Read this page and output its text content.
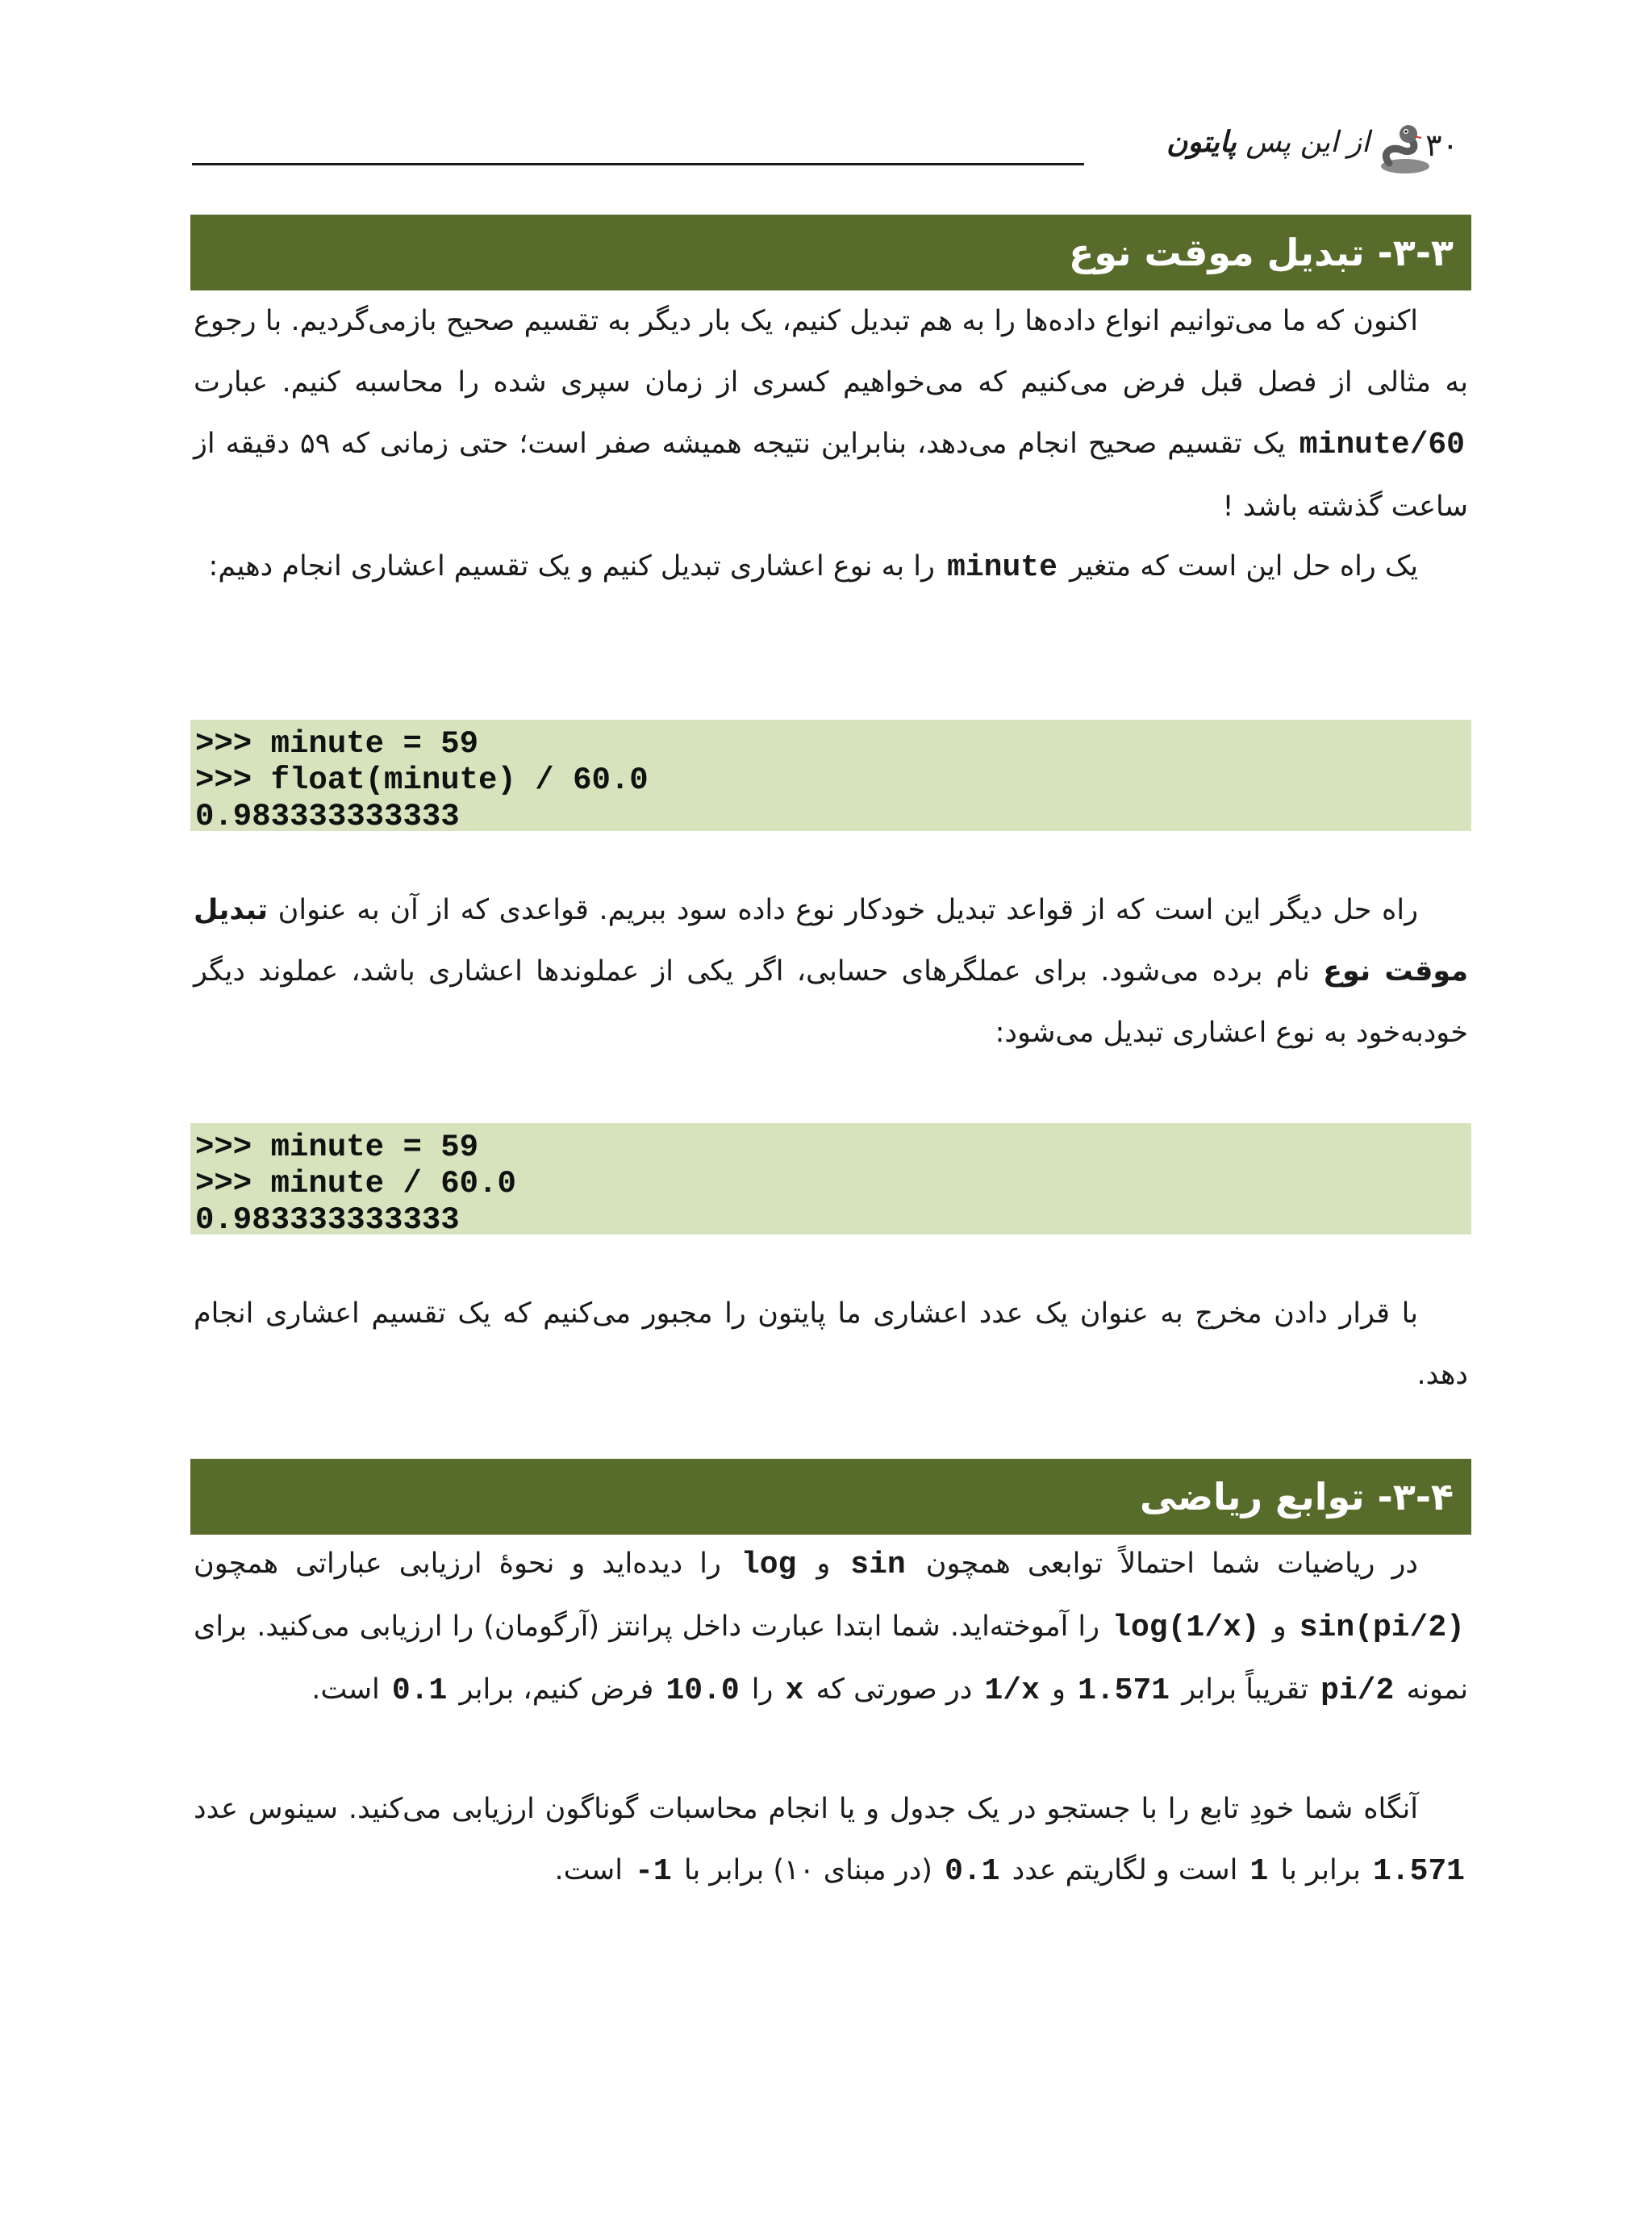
۳۰
از این پس پایتون
۳-۳- تبدیل موقت نوع

اکنون که ما می‌توانیم انواع داده‌ها را به هم تبدیل کنیم، یک بار دیگر به تقسیم صحیح بازمی‌گردیم. با رجوع به مثالی از فصل قبل فرض می‌کنیم که می‌خواهیم کسری از زمان سپری شده را محاسبه کنیم. عبارت minute/60 یک تقسیم صحیح انجام می‌دهد، بنابراین نتیجه همیشه صفر است؛ حتی زمانی که ۵۹ دقیقه از ساعت گذشته باشد !

یک راه حل این است که متغیر minute را به نوع اعشاری تبدیل کنیم و یک تقسیم اعشاری انجام دهیم:

>>> minute = 59
>>> float(minute) / 60.0
0.983333333333

راه حل دیگر این است که از قواعد تبدیل خودکار نوع داده سود ببریم. قواعدی که از آن به عنوان تبدیل موقت نوع نام برده می‌شود. برای عملگرهای حسابی، اگر یکی از عملوندها اعشاری باشد، عملوند دیگر خودبه‌خود به نوع اعشاری تبدیل می‌شود:

>>> minute = 59
>>> minute / 60.0
0.983333333333

با قرار دادن مخرج به عنوان یک عدد اعشاری ما پایتون را مجبور می‌کنیم که یک تقسیم اعشاری انجام دهد.

۳-۴- توابع ریاضی

در ریاضیات شما احتمالاً توابعی همچون sin و log را دیده‌اید و نحوهٔ ارزیابی عباراتی همچون sin(pi/2) و log(1/x) را آموخته‌اید. شما ابتدا عبارت داخل پرانتز (آرگومان) را ارزیابی می‌کنید. برای نمونه pi/2 تقریباً برابر 1.571 و 1/x در صورتی که x را 10.0 فرض کنیم، برابر 0.1 است.

آنگاه شما خودِ تابع را با جستجو در یک جدول و یا انجام محاسبات گوناگون ارزیابی می‌کنید. سینوس عدد 1.571 برابر با 1 است و لگاریتم عدد 0.1 (در مبنای ۱۰) برابر با -1 است.
